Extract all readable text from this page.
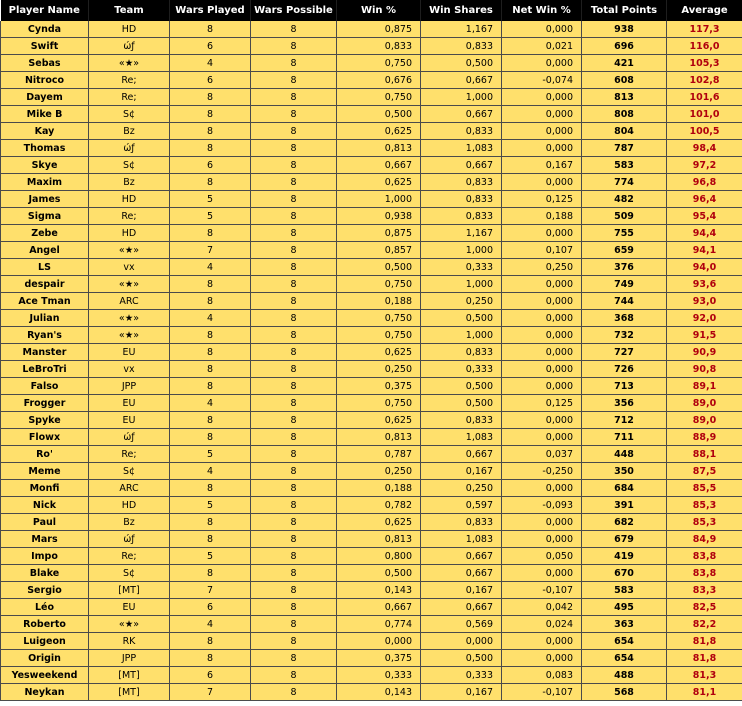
Player Name	Team	Wars Played	Wars Possible	Win %	Win Shares	Net Win %	Total Points	Average
Cynda	HD	8	8	0,875	1,167	0,000	938	117,3
Swift	ώƒ	6	8	0,833	0,833	0,021	696	116,0
Sebas	«★»	4	8	0,750	0,500	0,000	421	105,3
Nitroco	Re;	6	8	0,676	0,667	-0,074	608	102,8
Dayem	Re;	8	8	0,750	1,000	0,000	813	101,6
Mike B	S¢	8	8	0,500	0,667	0,000	808	101,0
Kay	Bz	8	8	0,625	0,833	0,000	804	100,5
Thomas	ώƒ	8	8	0,813	1,083	0,000	787	98,4
Skye	S¢	6	8	0,667	0,667	0,167	583	97,2
Maxim	Bz	8	8	0,625	0,833	0,000	774	96,8
James	HD	5	8	1,000	0,833	0,125	482	96,4
Sigma	Re;	5	8	0,938	0,833	0,188	509	95,4
Zebe	HD	8	8	0,875	1,167	0,000	755	94,4
Angel	«★»	7	8	0,857	1,000	0,107	659	94,1
LS	vx	4	8	0,500	0,333	0,250	376	94,0
despair	«★»	8	8	0,750	1,000	0,000	749	93,6
Ace Tman	ARC	8	8	0,188	0,250	0,000	744	93,0
Julian	«★»	4	8	0,750	0,500	0,000	368	92,0
Ryan's	«★»	8	8	0,750	1,000	0,000	732	91,5
Manster	EU	8	8	0,625	0,833	0,000	727	90,9
LeBroTri	vx	8	8	0,250	0,333	0,000	726	90,8
Falso	JPP	8	8	0,375	0,500	0,000	713	89,1
Frogger	EU	4	8	0,750	0,500	0,125	356	89,0
Spyke	EU	8	8	0,625	0,833	0,000	712	89,0
Flowx	ώƒ	8	8	0,813	1,083	0,000	711	88,9
Ro'	Re;	5	8	0,787	0,667	0,037	448	88,1
Meme	S¢	4	8	0,250	0,167	-0,250	350	87,5
Monfi	ARC	8	8	0,188	0,250	0,000	684	85,5
Nick	HD	5	8	0,782	0,597	-0,093	391	85,3
Paul	Bz	8	8	0,625	0,833	0,000	682	85,3
Mars	ώƒ	8	8	0,813	1,083	0,000	679	84,9
Impo	Re;	5	8	0,800	0,667	0,050	419	83,8
Blake	S¢	8	8	0,500	0,667	0,000	670	83,8
Sergio	[MT]	7	8	0,143	0,167	-0,107	583	83,3
Léo	EU	6	8	0,667	0,667	0,042	495	82,5
Roberto	«★»	4	8	0,774	0,569	0,024	363	82,2
Luigeon	RK	8	8	0,000	0,000	0,000	654	81,8
Origin	JPP	8	8	0,375	0,500	0,000	654	81,8
Yesweekend	[MT]	6	8	0,333	0,333	0,083	488	81,3
Neykan	[MT]	7	8	0,143	0,167	-0,107	568	81,1
